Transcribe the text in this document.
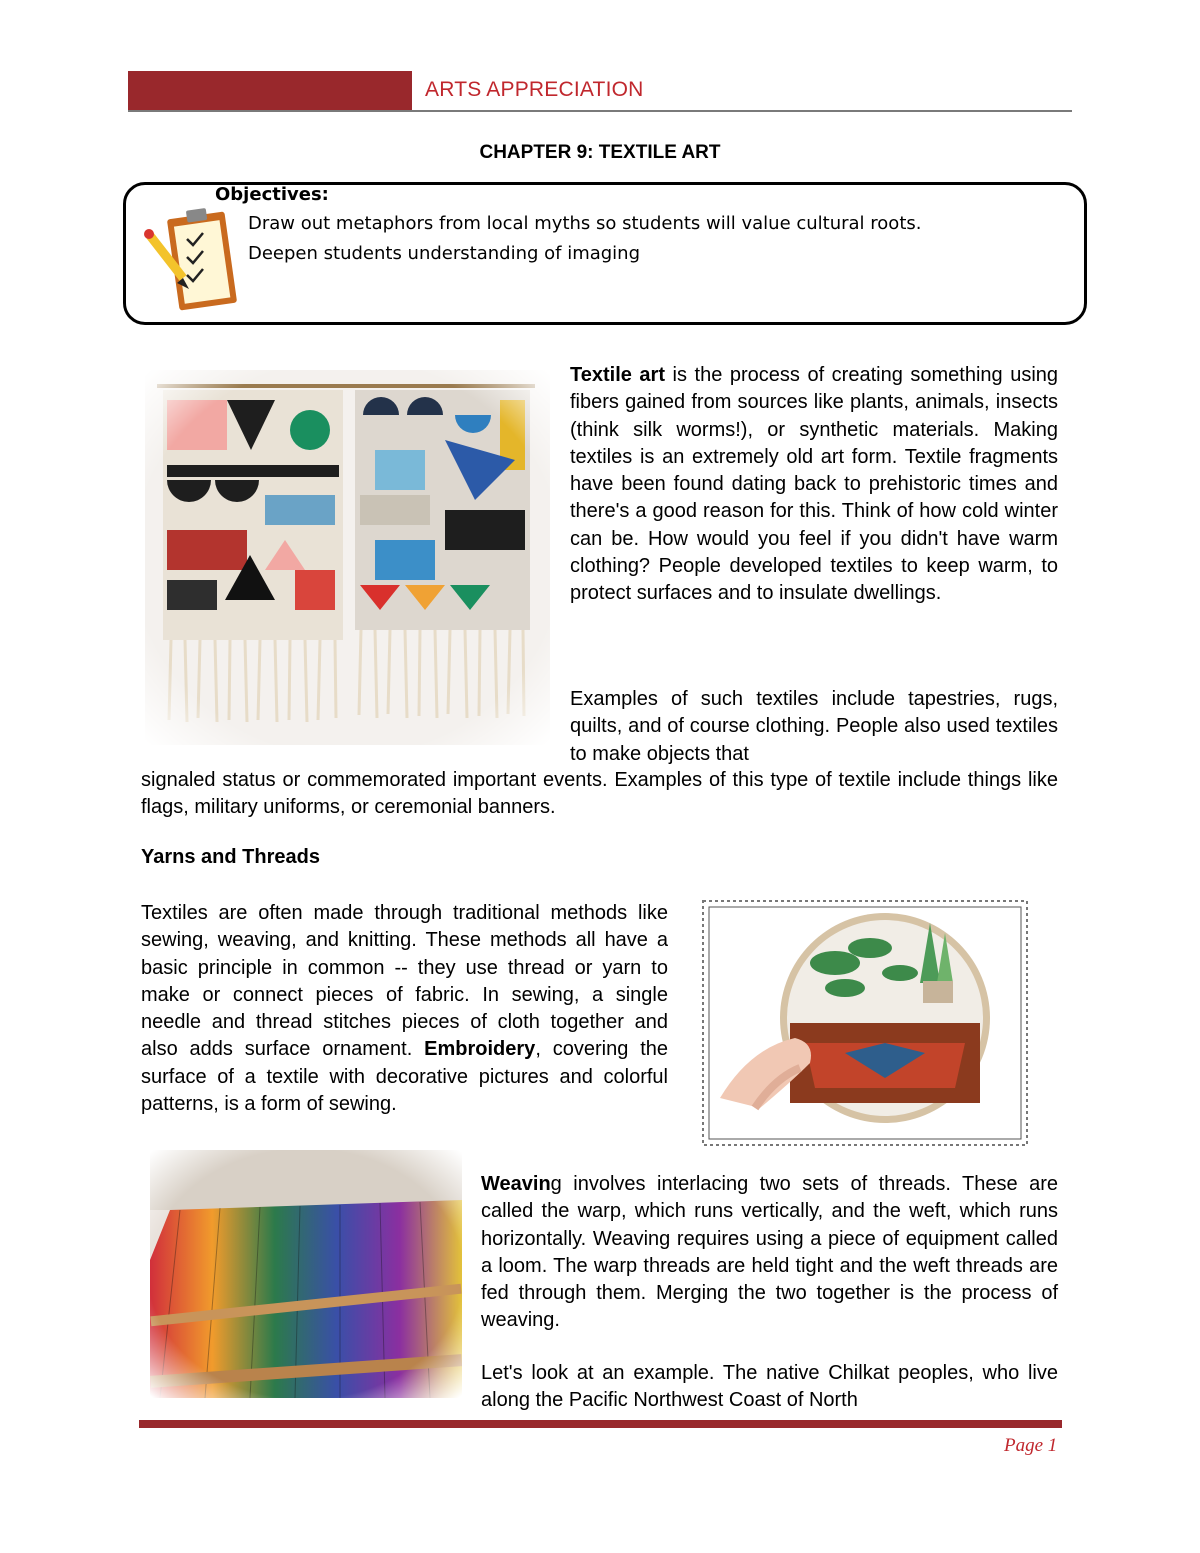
ARTS APPRECIATION
CHAPTER 9: TEXTILE ART
Objectives:
Draw out metaphors from local myths so students will value cultural roots.
Deepen students understanding of imaging
Textile art is the process of creating something using fibers gained from sources like plants, animals, insects (think silk worms!), or synthetic materials. Making textiles is an extremely old art form. Textile fragments have been found dating back to prehistoric times and there's a good reason for this. Think of how cold winter can be. How would you feel if you didn't have warm clothing? People developed textiles to keep warm, to protect surfaces and to insulate dwellings.
Examples of such textiles include tapestries, rugs, quilts, and of course clothing. People also used textiles to make objects that
signaled status or commemorated important events. Examples of this type of textile include things like flags, military uniforms, or ceremonial banners.
Yarns and Threads
Textiles are often made through traditional methods like sewing, weaving, and knitting. These methods all have a basic principle in common -- they use thread or yarn to make or connect pieces of fabric. In sewing, a single needle and thread stitches pieces of cloth together and also adds surface ornament. Embroidery, covering the surface of a textile with decorative pictures and colorful patterns, is a form of sewing.
Weaving involves interlacing two sets of threads. These are called the warp, which runs vertically, and the weft, which runs horizontally. Weaving requires using a piece of equipment called a loom. The warp threads are held tight and the weft threads are fed through them. Merging the two together is the process of weaving.
Let's look at an example. The native Chilkat peoples, who live along the Pacific Northwest Coast of North
Page 1
